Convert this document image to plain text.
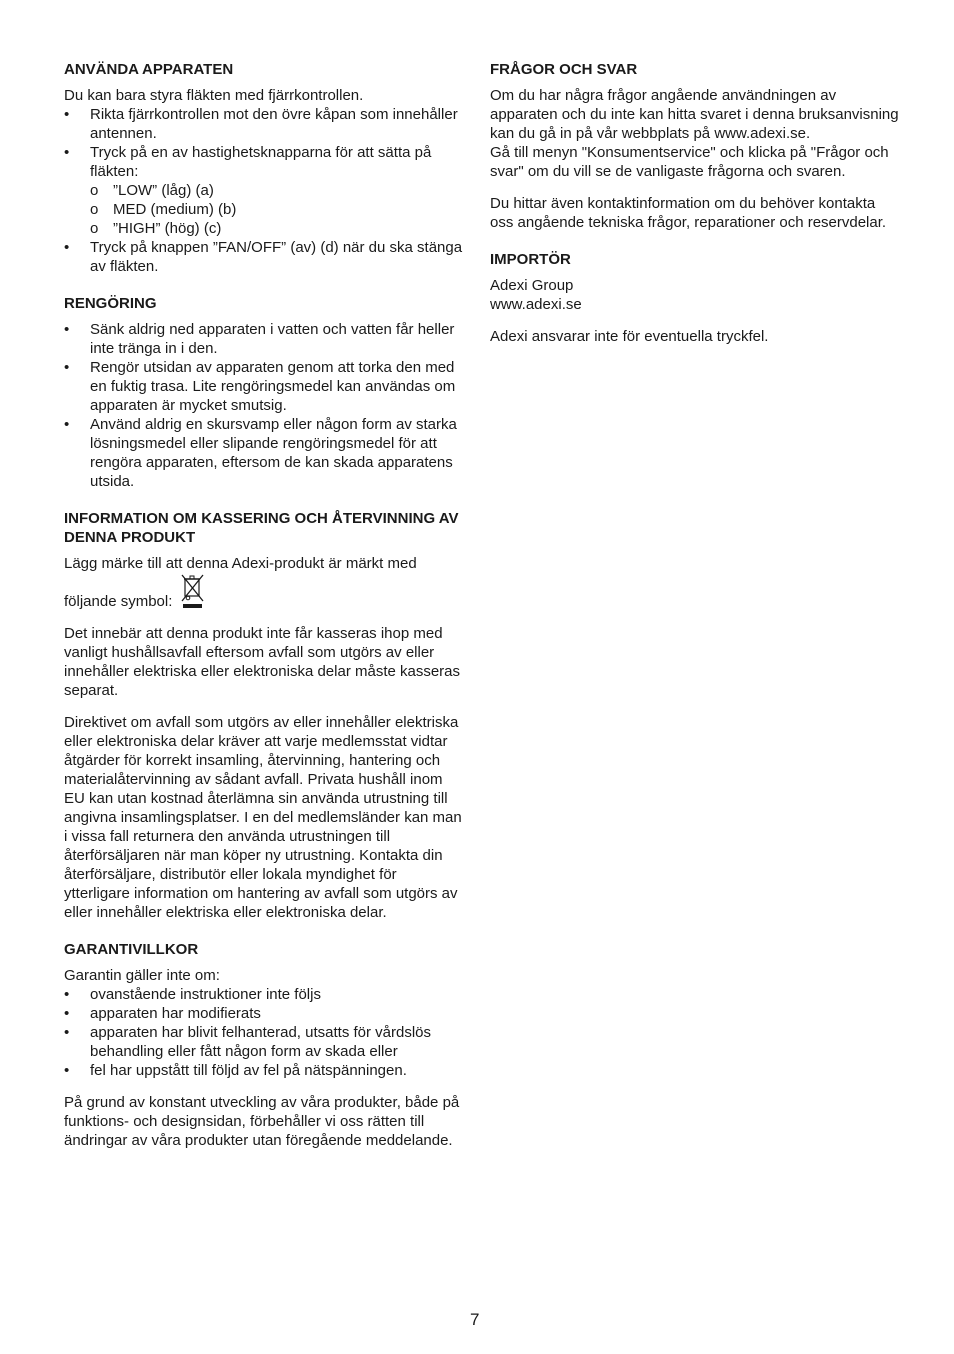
ANVÄNDA APPARATEN

Du kan bara styra fläkten med fjärrkontrollen.

• Rikta fjärrkontrollen mot den övre kåpan som innehåller antennen.
• Tryck på en av hastighetsknapparna för att sätta på fläkten:
o ”LOW” (låg) (a)
o MED (medium) (b)
o ”HIGH” (hög) (c)
• Tryck på knappen ”FAN/OFF” (av) (d) när du ska stänga av fläkten.
RENGÖRING
• Sänk aldrig ned apparaten i vatten och vatten får heller inte tränga in i den.
• Rengör utsidan av apparaten genom att torka den med en fuktig trasa. Lite rengöringsmedel kan användas om apparaten är mycket smutsig.
• Använd aldrig en skursvamp eller någon form av starka lösningsmedel eller slipande rengöringsmedel för att rengöra apparaten, eftersom de kan skada apparatens utsida.
INFORMATION OM KASSERING OCH ÅTERVINNING AV DENNA PRODUKT

Lägg märke till att denna Adexi-produkt är märkt med

följande symbol:

Det innebär att denna produkt inte får kasseras ihop med vanligt hushållsavfall eftersom avfall som utgörs av eller innehåller elektriska eller elektroniska delar måste kasseras separat.

Direktivet om avfall som utgörs av eller innehåller elektriska eller elektroniska delar kräver att varje medlemsstat vidtar åtgärder för korrekt insamling, återvinning, hantering och materialåtervinning av sådant avfall. Privata hushåll inom EU kan utan kostnad återlämna sin använda utrustning till angivna insamlingsplatser. I en del medlemsländer kan man i vissa fall returnera den använda utrustningen till återförsäljaren när man köper ny utrustning. Kontakta din återförsäljare, distributör eller lokala myndighet för ytterligare information om hantering av avfall som utgörs av eller innehåller elektriska eller elektroniska delar.

GARANTIVILLKOR

Garantin gäller inte om:

• ovanstående instruktioner inte följs
• apparaten har modifierats
• apparaten har blivit felhanterad, utsatts för vårdslös behandling eller fått någon form av skada eller
• fel har uppstått till följd av fel på nätspänningen.

På grund av konstant utveckling av våra produkter, både på funktions- och designsidan, förbehåller vi oss rätten till ändringar av våra produkter utan föregående meddelande.

FRÅGOR OCH SVAR

Om du har några frågor angående användningen av apparaten och du inte kan hitta svaret i denna bruksanvisning kan du gå in på vår webbplats på www.adexi.se.

Gå till menyn "Konsumentservice" och klicka på "Frågor och svar" om du vill se de vanligaste frågorna och svaren.

Du hittar även kontaktinformation om du behöver kontakta oss angående tekniska frågor, reparationer och reservdelar.

IMPORTÖR

Adexi Group

www.adexi.se

Adexi ansvarar inte för eventuella tryckfel.

7
